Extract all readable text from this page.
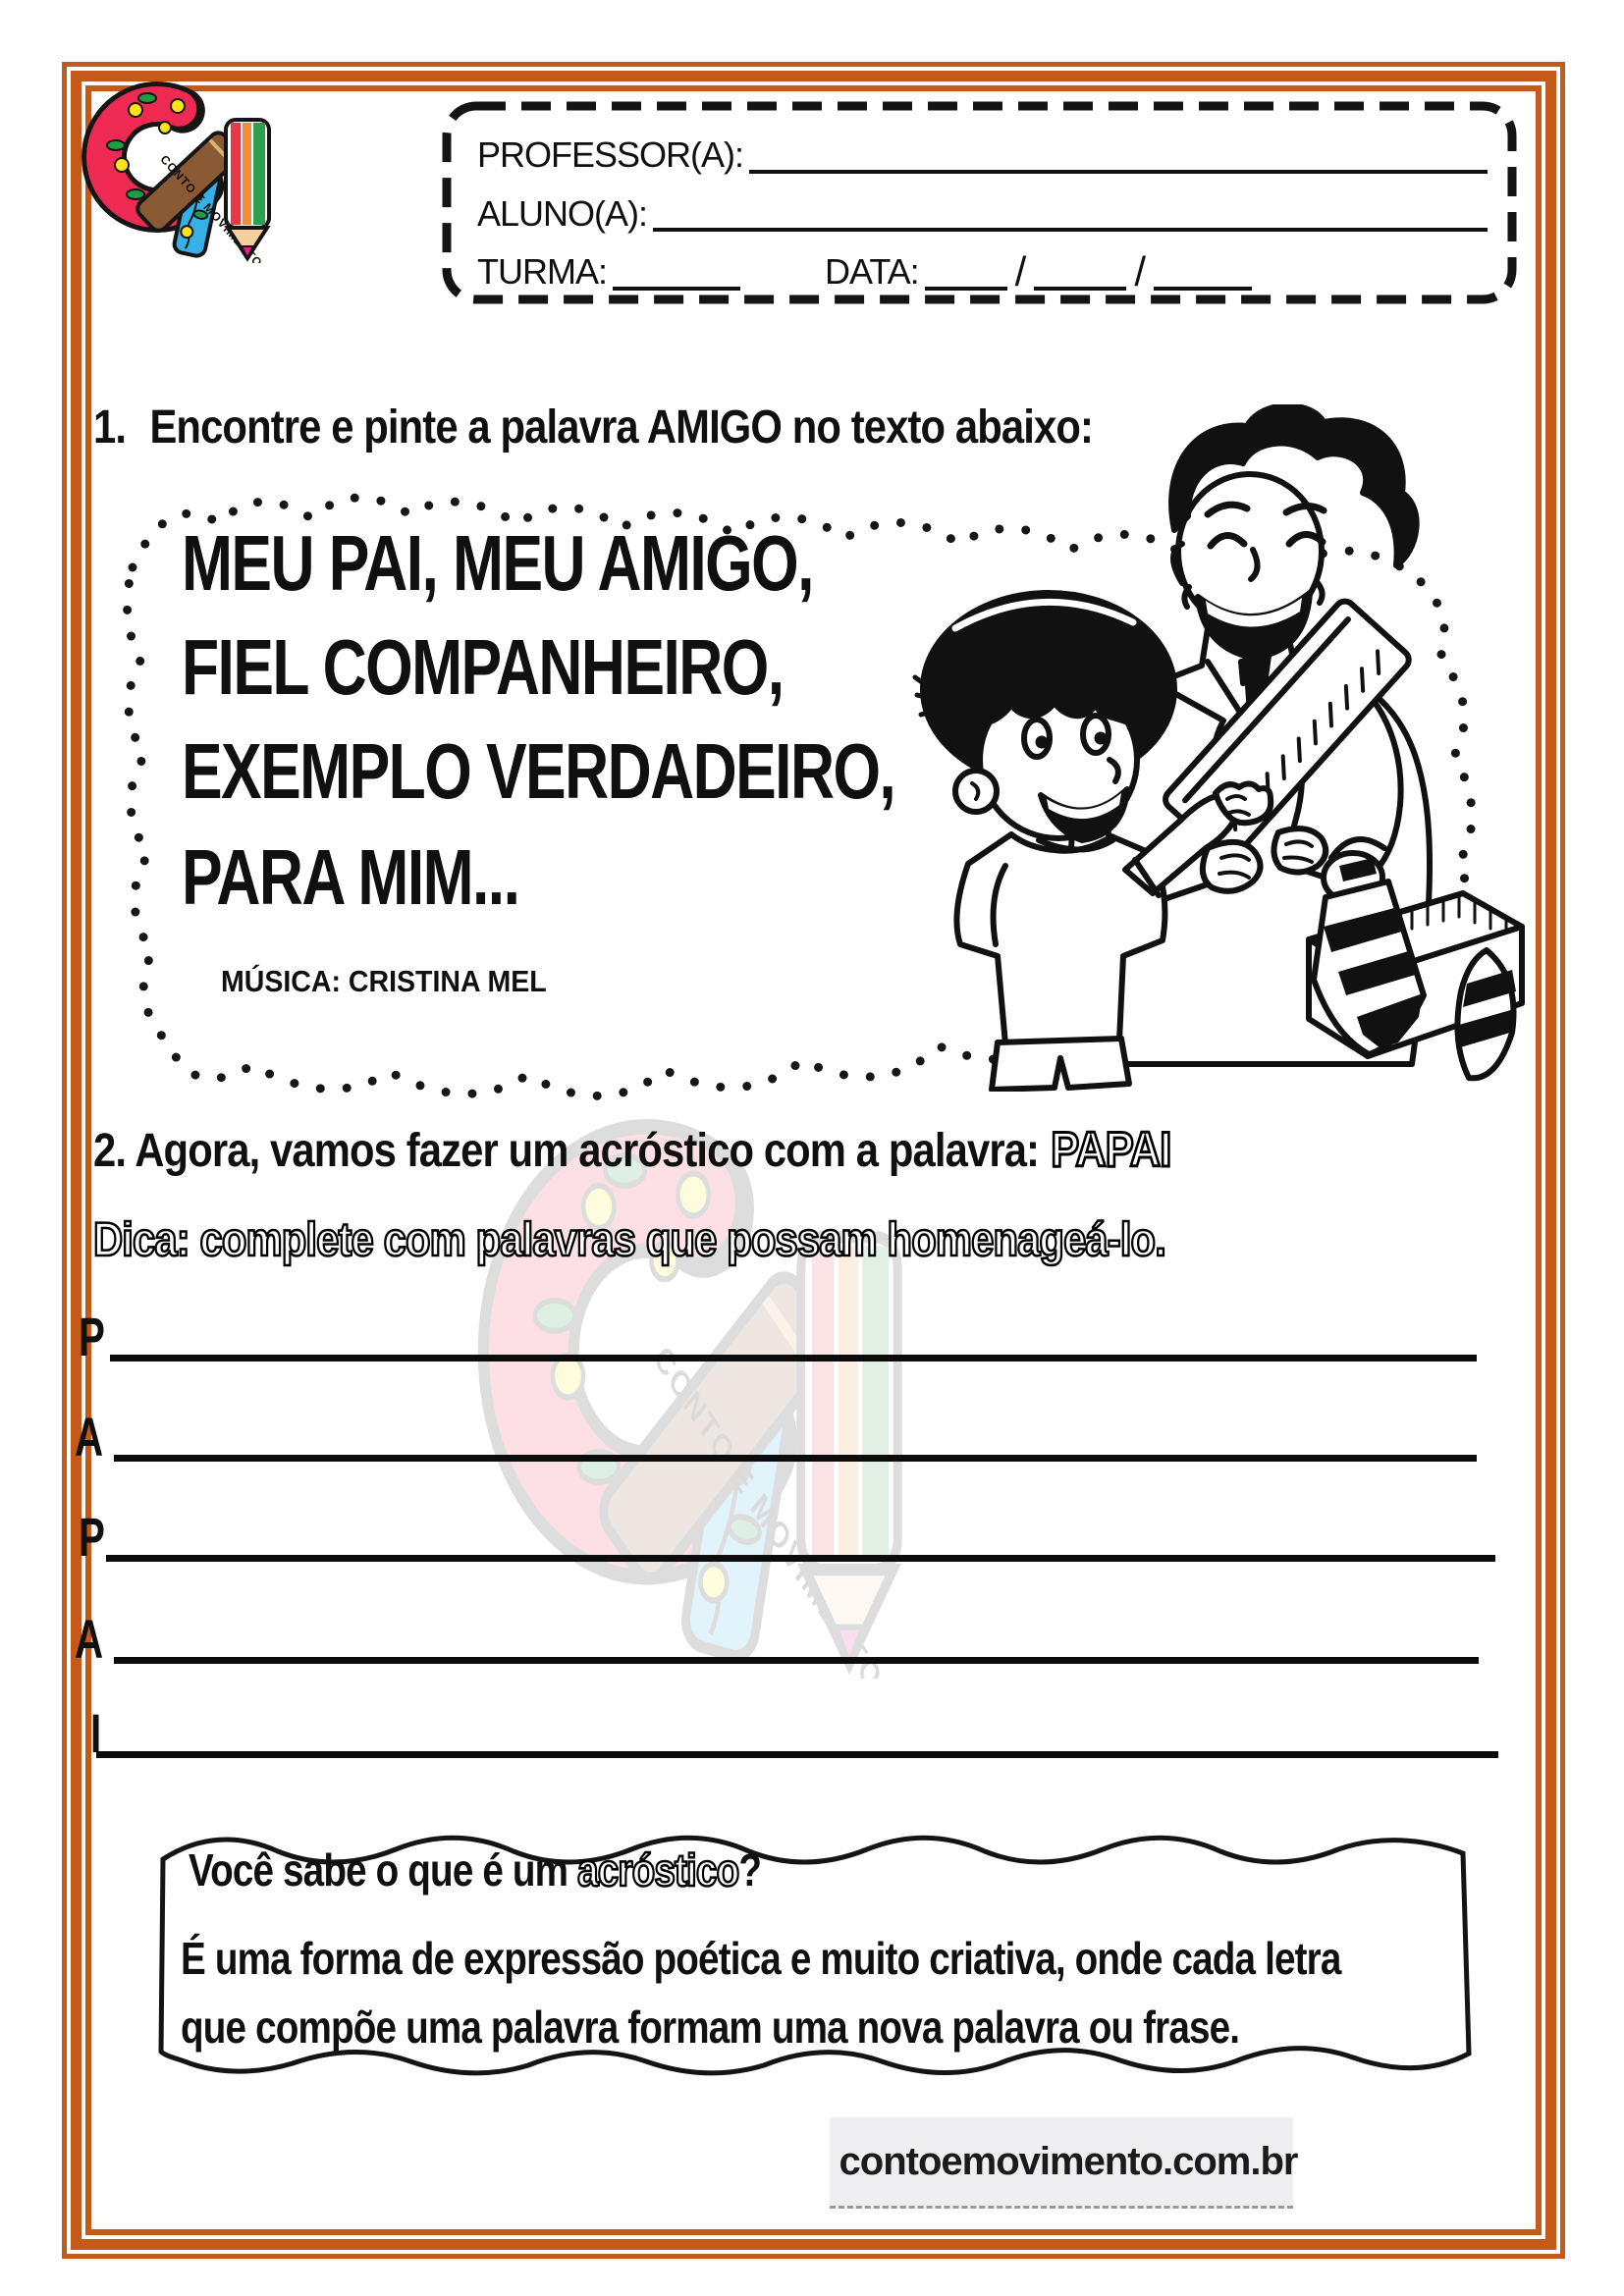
PROFESSOR(A):
ALUNO(A):
TURMA:	DATA: /	/
1. Encontre e pinte a palavra AMIGO no texto abaixo:
MEU PAI, MEU AMIGO,
FIEL COMPANHEIRO,
EXEMPLO VERDADEIRO,
PARA MIM...
MÚSICA: CRISTINA MEL
2. Agora, vamos fazer um acróstico com a palavra: PAPAI
Dica: complete com palavras que possam homenageá-lo.
P
A
P
A
I
Você sabe o que é um acróstico?
É uma forma de expressão poética e muito criativa, onde cada letra
que compõe uma palavra formam uma nova palavra ou frase.
contoemovimento.com.br
